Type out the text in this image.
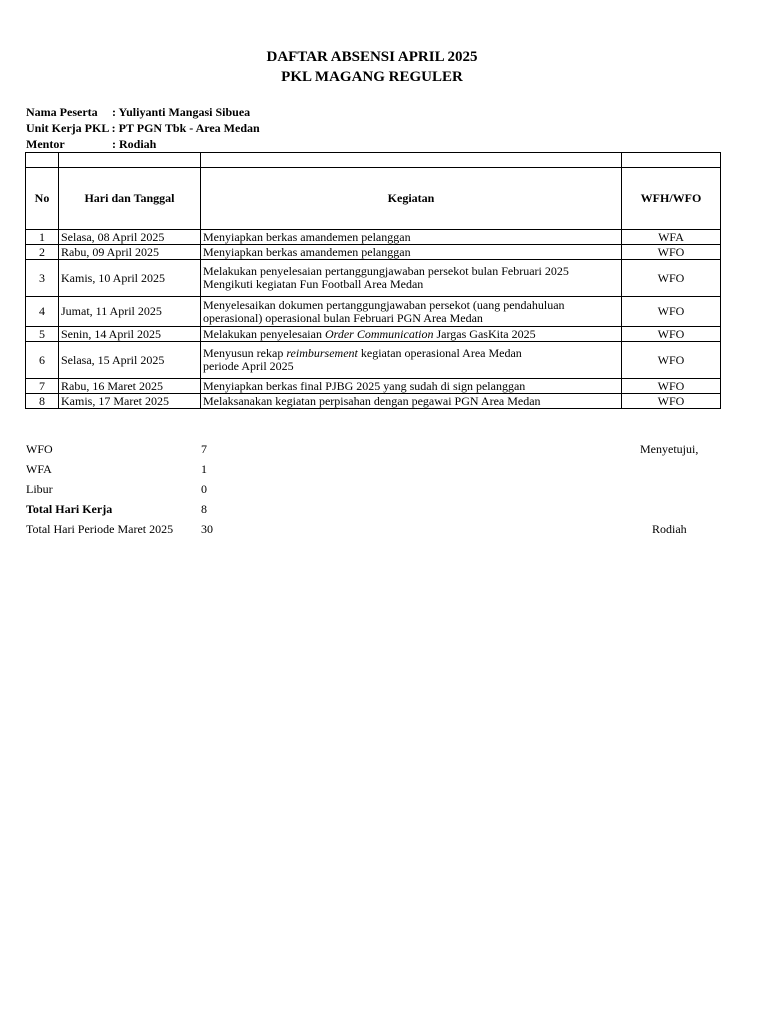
DAFTAR ABSENSI APRIL 2025
PKL MAGANG REGULER
Nama Peserta : Yuliyanti Mangasi Sibuea
Unit Kerja PKL : PT PGN Tbk - Area Medan
Mentor	: Rodiah

No	Hari dan Tanggal	Kegiatan	WFH/WFO
1	Selasa, 08 April 2025	Menyiapkan berkas amandemen pelanggan	WFA
2	Rabu, 09 April 2025	Menyiapkan berkas amandemen pelanggan	WFO
3	Kamis, 10 April 2025	Melakukan penyelesaian pertanggungjawaban persekot bulan Februari 2025
Mengikuti kegiatan Fun Football Area Medan	WFO
4	Jumat, 11 April 2025	Menyelesaikan dokumen pertanggungjawaban persekot (uang pendahuluan
operasional) operasional bulan Februari PGN Area Medan	WFO
5	Senin, 14 April 2025	Melakukan penyelesaian Order Communication Jargas GasKita 2025	WFO
6	Selasa, 15 April 2025	Menyusun rekap reimbursement kegiatan operasional Area Medan
periode April 2025	WFO
7	Rabu, 16 Maret 2025	Menyiapkan berkas final PJBG 2025 yang sudah di sign pelanggan	WFO
8	Kamis, 17 Maret 2025	Melaksanakan kegiatan perpisahan dengan pegawai PGN Area Medan	WFO
WFO	7
WFA	1
Libur	0
Total Hari Kerja	8
Total Hari Periode Maret 2025 30
Menyetujui,
Rodiah
